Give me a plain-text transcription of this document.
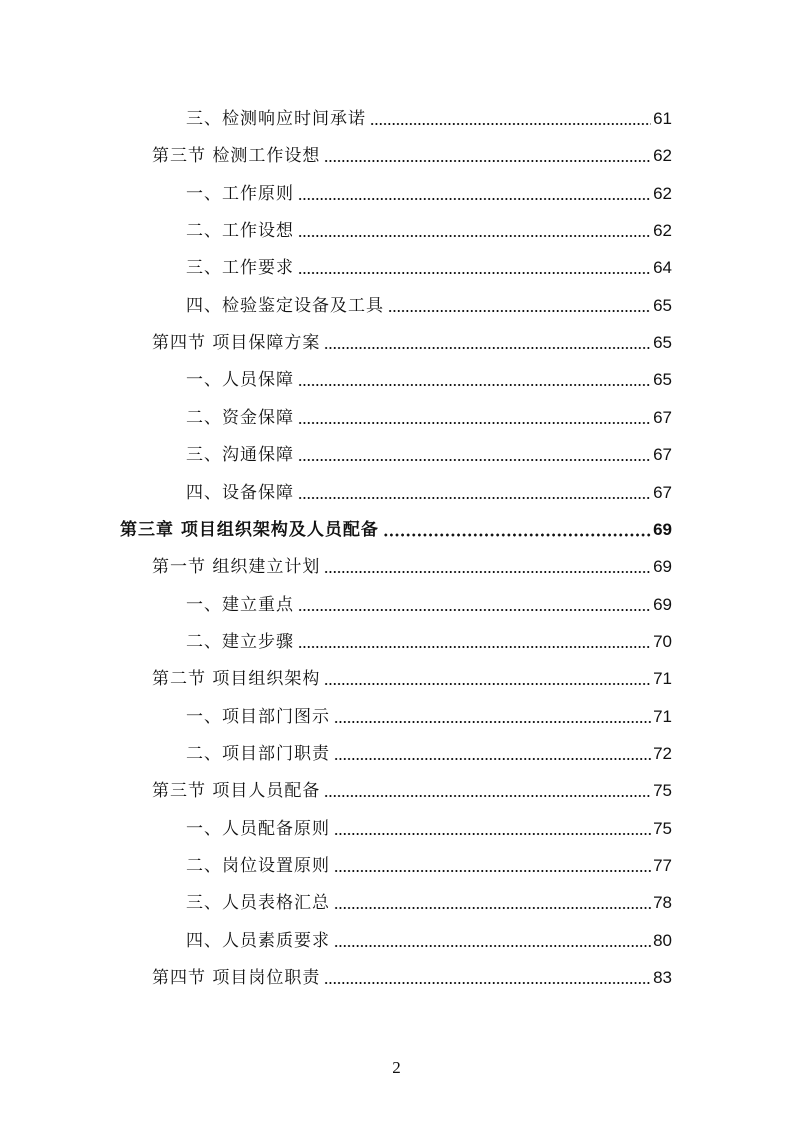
三、检测响应时间承诺	61
第三节 检测工作设想	62
一、工作原则	62
二、工作设想	62
三、工作要求	64
四、检验鉴定设备及工具	65
第四节 项目保障方案	65
一、人员保障	65
二、资金保障	67
三、沟通保障	67
四、设备保障	67
第三章 项目组织架构及人员配备	69
第一节 组织建立计划	69
一、建立重点	69
二、建立步骤	70
第二节 项目组织架构	71
一、项目部门图示	71
二、项目部门职责	72
第三节 项目人员配备	75
一、人员配备原则	75
二、岗位设置原则	77
三、人员表格汇总	78
四、人员素质要求	80
第四节 项目岗位职责	83
2
